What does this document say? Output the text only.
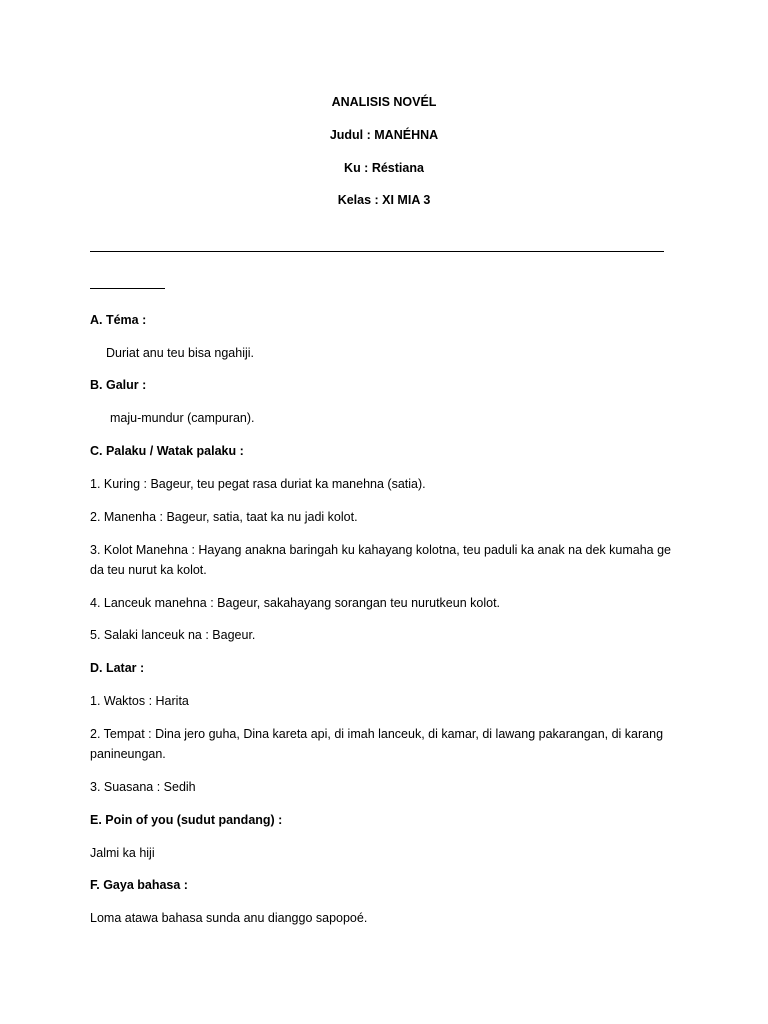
ANALISIS NOVÉL
Judul : MANÉHNA
Ku : Réstiana
Kelas : XI MIA 3
A. Téma :
Duriat anu teu bisa ngahiji.
B. Galur :
maju-mundur (campuran).
C. Palaku / Watak palaku :
1. Kuring : Bageur, teu pegat rasa duriat ka manehna (satia).
2. Manenha : Bageur, satia, taat ka nu jadi kolot.
3. Kolot Manehna : Hayang anakna baringah ku kahayang kolotna, teu paduli ka anak na dek kumaha ge
da teu nurut ka kolot.
4. Lanceuk manehna : Bageur, sakahayang sorangan teu nurutkeun kolot.
5. Salaki lanceuk na : Bageur.
D. Latar :
1. Waktos : Harita
2. Tempat : Dina jero guha, Dina kareta api, di imah lanceuk, di kamar, di lawang pakarangan, di karang
panineungan.
3. Suasana : Sedih
E. Poin of you (sudut pandang) :
Jalmi ka hiji
F. Gaya bahasa :
Loma atawa bahasa sunda anu dianggo sapopoé.
